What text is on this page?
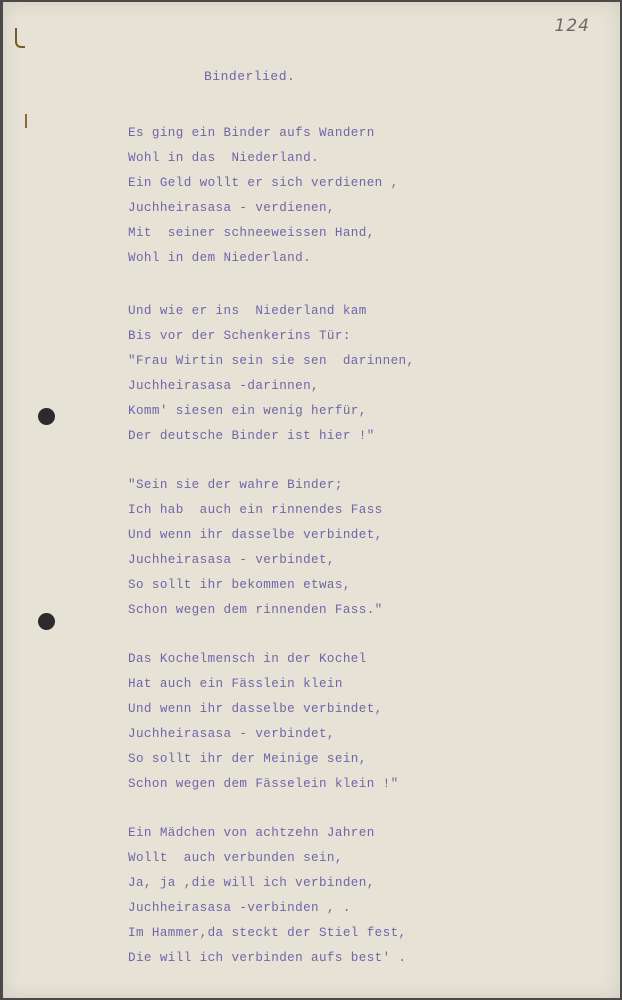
124
Binderlied.
Es ging ein Binder aufs Wandern
Wohl in das  Niederland.
Ein Geld wollt er sich verdienen ,
Juchheirasasa - verdienen,
Mit  seiner schneeweissen Hand,
Wohl in dem Niederland.
Und wie er ins  Niederland kam
Bis vor der Schenkerins Tür:
"Frau Wirtin sein sie sen  darinnen,
Juchheirasasa -darinnen,
Komm' siesen ein wenig herfür,
Der deutsche Binder ist hier !"
"Sein sie der wahre Binder;
Ich hab  auch ein rinnendes Fass
Und wenn ihr dasselbe verbindet,
Juchheirasasa - verbindet,
So sollt ihr bekommen etwas,
Schon wegen dem rinnenden Fass."
Das Kochelmensch in der Kochel
Hat auch ein Fässlein klein
Und wenn ihr dasselbe verbindet,
Juchheirasasa - verbindet,
So sollt ihr der Meinige sein,
Schon wegen dem Fässelein klein !"
Ein Mädchen von achtzehn Jahren
Wollt  auch verbunden sein,
Ja, ja ,die will ich verbinden,
Juchheirasasa -verbinden , .
Im Hammer,da steckt der Stiel fest,
Die will ich verbinden aufs best' .
